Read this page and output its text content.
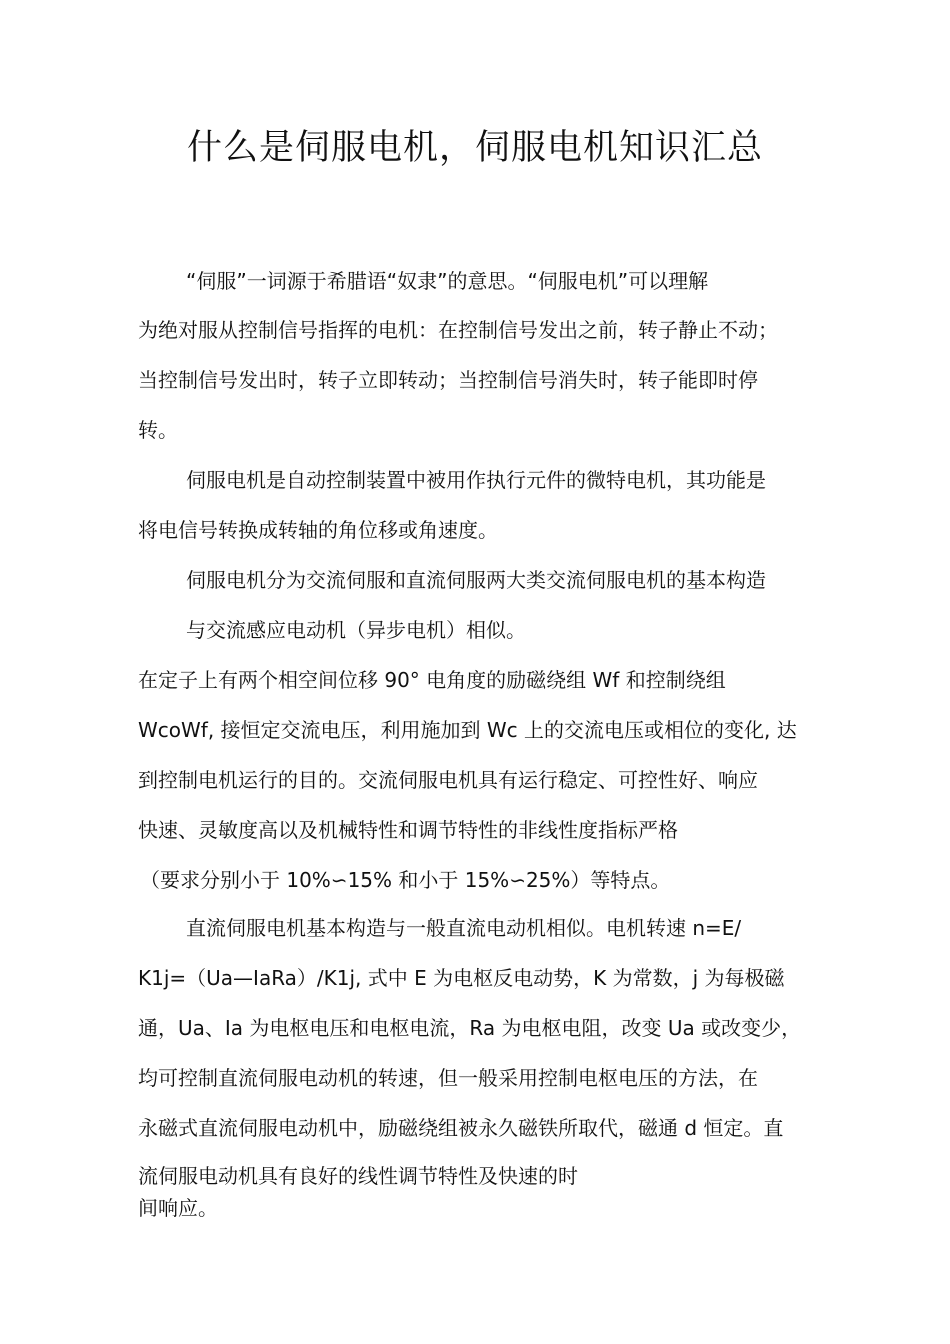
什么是伺服电机，伺服电机知识汇总
“伺服”一词源于希腊语“奴隶”的意思。“伺服电机”可以理解
为绝对服从控制信号指挥的电机：在控制信号发出之前，转子静止不动；
当控制信号发出时，转子立即转动；当控制信号消失时，转子能即时停
转。
伺服电机是自动控制装置中被用作执行元件的微特电机，其功能是
将电信号转换成转轴的角位移或角速度。
伺服电机分为交流伺服和直流伺服两大类交流伺服电机的基本构造
与交流感应电动机（异步电机）相似。
在定子上有两个相空间位移 90° 电角度的励磁绕组 Wf 和控制绕组
WcoWf, 接恒定交流电压，利用施加到 Wc 上的交流电压或相位的变化, 达
到控制电机运行的目的。交流伺服电机具有运行稳定、可控性好、响应
快速、灵敏度高以及机械特性和调节特性的非线性度指标严格
（要求分别小于 10%∽15% 和小于 15%∽25%）等特点。
直流伺服电机基本构造与一般直流电动机相似。电机转速 n=E/
K1j=（Ua—IaRa）/K1j, 式中 E 为电枢反电动势，K 为常数，j 为每极磁
通，Ua、Ia 为电枢电压和电枢电流，Ra 为电枢电阻，改变 Ua 或改变少，
均可控制直流伺服电动机的转速，但一般采用控制电枢电压的方法，在
永磁式直流伺服电动机中，励磁绕组被永久磁铁所取代，磁通 d 恒定。直
流伺服电动机具有良好的线性调节特性及快速的时
间响应。
